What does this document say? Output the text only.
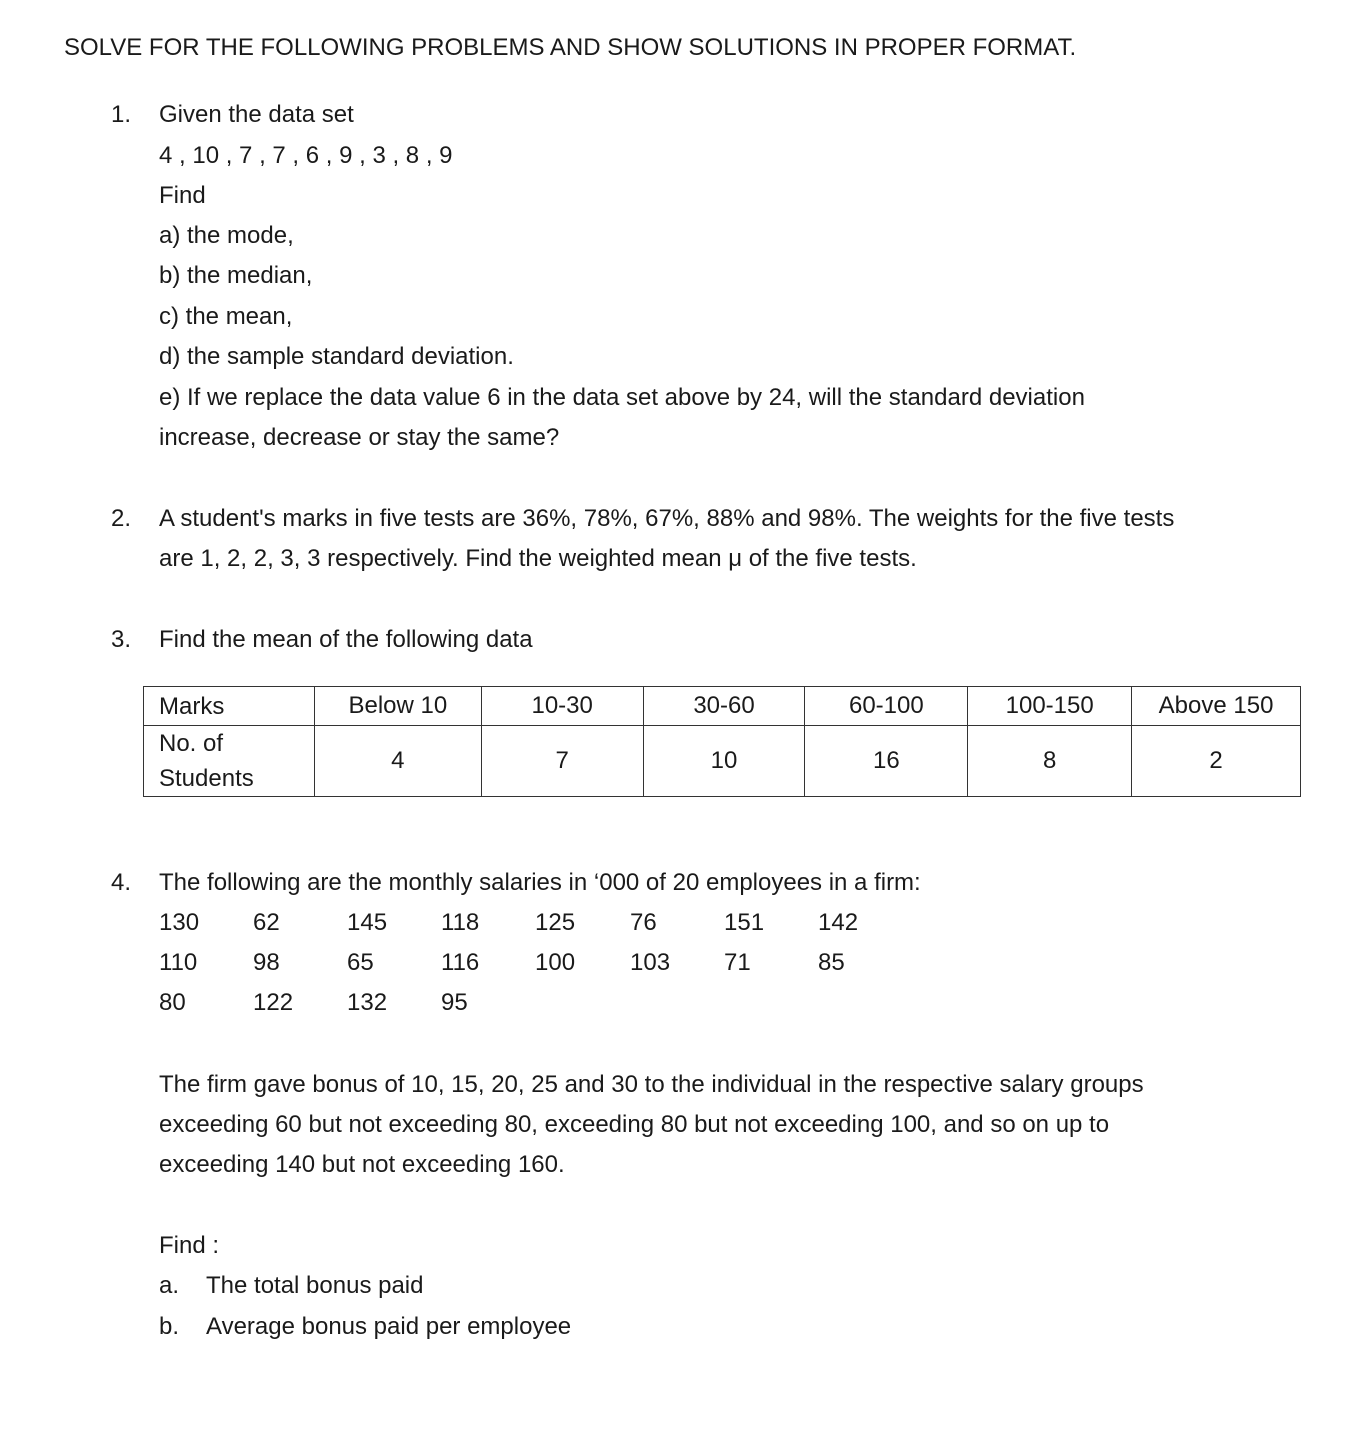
SOLVE FOR THE FOLLOWING PROBLEMS AND SHOW SOLUTIONS IN PROPER FORMAT.
1. Given the data set
4 , 10 , 7 , 7 , 6 , 9 , 3 , 8 , 9
Find
a) the mode,
b) the median,
c) the mean,
d) the sample standard deviation.
e) If we replace the data value 6 in the data set above by 24, will the standard deviation
increase, decrease or stay the same?
2. A student's marks in five tests are 36%, 78%, 67%, 88% and 98%. The weights for the five tests
are 1, 2, 2, 3, 3 respectively. Find the weighted mean μ of the five tests.
3. Find the mean of the following data
Marks	Below 10	10-30	30-60	60-100	100-150	Above 150
No. of
Students	4	7	10	16	8	2
4. The following are the monthly salaries in ‘000 of 20 employees in a firm:
130 62	145 118 125 76	151 142
110 98	65	116 100 103 71	85
80	122 132 95
The firm gave bonus of 10, 15, 20, 25 and 30 to the individual in the respective salary groups
exceeding 60 but not exceeding 80, exceeding 80 but not exceeding 100, and so on up to
exceeding 140 but not exceeding 160.
Find :
a. The total bonus paid
b. Average bonus paid per employee
